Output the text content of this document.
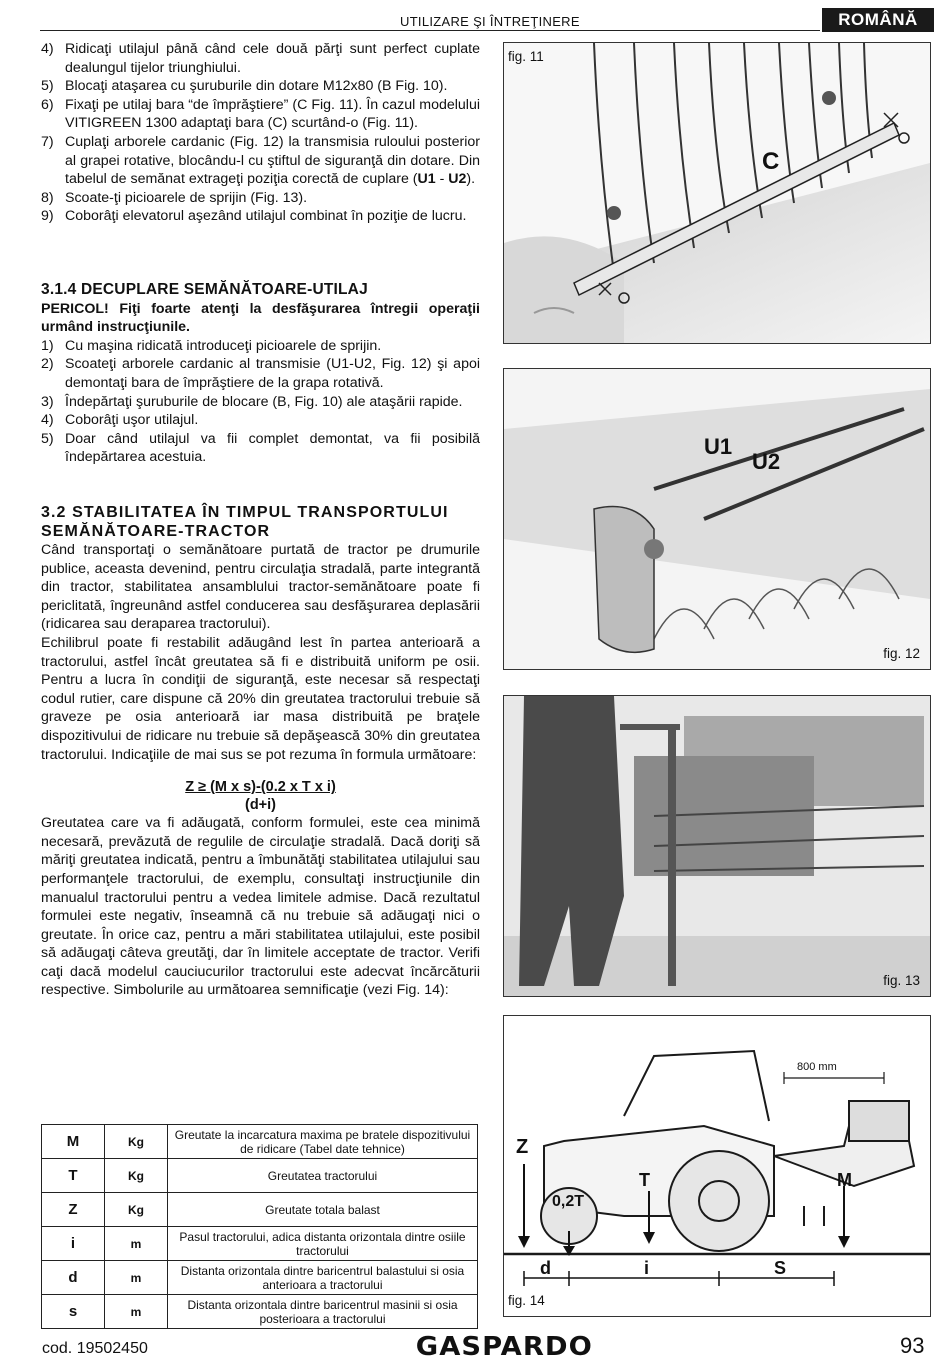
UTILIZARE ŞI ÎNTREŢINERE	ROMÂNĂ
4) Ridicaţi utilajul până când cele două părţi sunt perfect cuplate dealungul tijelor triunghiului.
5) Blocaţi ataşarea cu şuruburile din dotare M12x80 (B Fig. 10).
6) Fixaţi pe utilaj bara “de împrăştiere” (C Fig. 11). În cazul modelului VITIGREEN 1300 adaptaţi bara (C) scurtând-o (Fig. 11).
7) Cuplaţi arborele cardanic (Fig. 12) la transmisia ruloului posterior al grapei rotative, blocându-l cu ştiftul de siguranţă din dotare. Din tabelul de semănat extrageţi poziţia corectă de cuplare (U1 - U2).
8) Scoate-ţi picioarele de sprijin (Fig. 13).
9) Coborâţi elevatorul aşezând utilajul combinat în poziţie de lucru.
3.1.4 DECUPLARE SEMĂNĂTOARE-UTILAJ

PERICOL! Fiţi foarte atenţi la desfăşurarea întregii operaţii urmând instrucţiunile.

1) Cu maşina ridicată introduceţi picioarele de sprijin.
2) Scoateţi arborele cardanic al transmisie (U1-U2, Fig. 12) şi apoi demontaţi bara de împrăştiere de la grapa rotativă.
3) Îndepărtaţi şuruburile de blocare (B, Fig. 10) ale ataşării rapide.
4) Coborâţi uşor utilajul.
5) Doar când utilajul va fii complet demontat, va fii posibilă îndepărtarea acestuia.
3.2 STABILITATEA ÎN TIMPUL TRANSPORTULUI
SEMĂNĂTOARE-TRACTOR

Când transportaţi o semănătoare purtată de tractor pe drumurile publice, aceasta devenind, pentru circulaţia stradală, parte integrantă din tractor, stabilitatea ansamblului tractor-semănătoare poate fi periclitată, îngreunând astfel conducerea sau desfăşurarea deplasării (ridicarea sau deraparea tractorului).

Echilibrul poate fi restabilit adăugând lest în partea anterioară a tractorului, astfel încât greutatea să fi e distribuită uniform pe osii. Pentru a lucra în condiţii de siguranţă, este necesar să respectaţi codul rutier, care dispune că 20% din greutatea tractorului trebuie să graveze pe osia anterioară iar masa distribuită pe braţele dispozitivului de ridicare nu trebuie să depăşească 30% din greutatea tractorului. Indicaţiile de mai sus se pot rezuma în formula următoare:

Z ≥ (M x s)-(0.2 x T x i)
(d+i)

Greutatea care va fi adăugată, conform formulei, este cea minimă necesară, prevăzută de regulile de circulaţie stradală. Dacă doriţi să măriţi greutatea indicată, pentru a îmbunătăţi stabilitatea utilajului sau performanţele tractorului, de exemplu, consultaţi instrucţiunile din manualul tractorului pentru a vedea limitele admise. Dacă rezultatul formulei este negativ, înseamnă că nu trebuie să adăugaţi nici o greutate. În orice caz, pentru a mări stabilitatea utilajului, este posibil să adăugaţi câteva greutăţi, dar în limitele acceptate de tractor. Verifi caţi dacă modelul cauciucurilor tractorului este adecvat încărcăturii respective. Simbolurile au următoarea semnificaţie (vezi Fig. 14):

M	Kg	Greutate la incarcatura maxima pe bratele dispozitivului de ridicare (Tabel date tehnice)
T	Kg	Greutatea tractorului
Z	Kg	Greutate totala balast
i	m	Pasul tractorului, adica distanta orizontala dintre osiile tractorului
d	m	Distanta orizontala dintre baricentrul balastului si osia anterioara a tractorului
s	m	Distanta orizontala dintre baricentrul masinii si osia posterioara a tractorului
C
fig. 11
U1
U2
fig. 12
fig. 13
800 mm
Z
T	M
0,2T
d	i	S
fig. 14
cod. 19502450	GASPARDO	93
